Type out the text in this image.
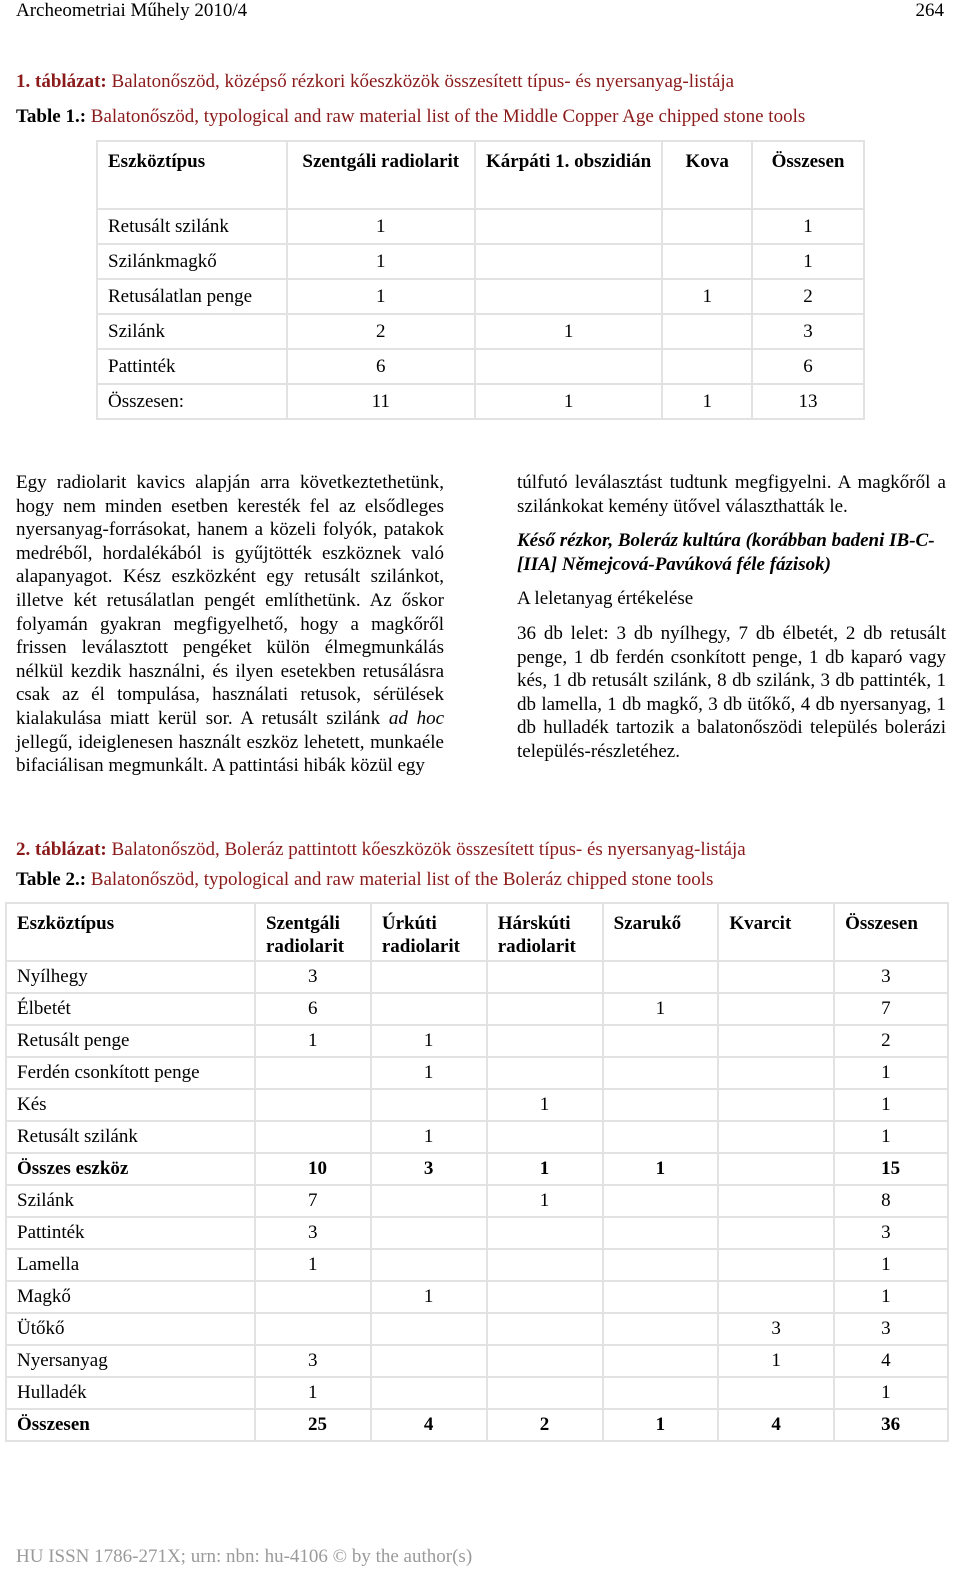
Archeometriai Műhely 2010/4	264
1. táblázat: Balatonőszöd, középső rézkori kőeszközök összesített típus- és nyersanyag-listája
Table 1.: Balatonőszöd, typological and raw material list of the Middle Copper Age chipped stone tools
Eszköztípus	Szentgáli radiolarit	Kárpáti 1. obszidián	Kova	Összesen
Retusált szilánk	1			1
Szilánkmagkő	1			1
Retusálatlan penge	1		1	2
Szilánk	2	1		3
Pattinték	6			6
Összesen:	11	1	1	13

Egy radiolarit kavics alapján arra következtethetünk, hogy nem minden esetben keresték fel az elsődleges nyersanyag-forrásokat, hanem a közeli folyók, patakok medréből, hordalékából is gyűjtötték eszköznek való alapanyagot. Kész eszközként egy retusált szilánkot, illetve két retusálatlan pengét említhetünk. Az őskor folyamán gyakran megfigyelhető, hogy a magkőről frissen leválasztott pengéket külön élmegmunkálás nélkül kezdik használni, és ilyen esetekben retusálásra csak az él tompulása, használati retusok, sérülések kialakulása miatt kerül sor. A retusált szilánk ad hoc jellegű, ideiglenesen használt eszköz lehetett, munkaéle bifaciálisan megmunkált. A pattintási hibák közül egy

túlfutó leválasztást tudtunk megfigyelni. A magkőről a szilánkokat kemény ütővel választhatták le.

Késő rézkor, Boleráz kultúra (korábban badeni IB-C-[IIA] Němejcová-Pavúková féle fázisok)

A leletanyag értékelése

36 db lelet: 3 db nyílhegy, 7 db élbetét, 2 db retusált penge, 1 db ferdén csonkított penge, 1 db kaparó vagy kés, 1 db retusált szilánk, 8 db szilánk, 3 db pattinték, 1 db lamella, 1 db magkő, 3 db ütőkő, 4 db nyersanyag, 1 db hulladék tartozik a balatonőszödi település bolerázi település-részletéhez.

2. táblázat: Balatonőszöd, Boleráz pattintott kőeszközök összesített típus- és nyersanyag-listája
Table 2.: Balatonőszöd, typological and raw material list of the Boleráz chipped stone tools
Eszköztípus	Szentgáli radiolarit	Úrkúti radiolarit	Hárskúti radiolarit	Szarukő	Kvarcit	Összesen
Nyílhegy	3					3
Élbetét	6			1		7
Retusált penge	1	1				2
Ferdén csonkított penge		1				1
Kés			1			1
Retusált szilánk		1				1
Összes eszköz	10	3	1	1		15
Szilánk	7		1			8
Pattinték	3					3
Lamella	1					1
Magkő		1				1
Ütőkő					3	3
Nyersanyag	3				1	4
Hulladék	1					1
Összesen	25	4	2	1	4	36
HU ISSN 1786-271X; urn: nbn: hu-4106 © by the author(s)
